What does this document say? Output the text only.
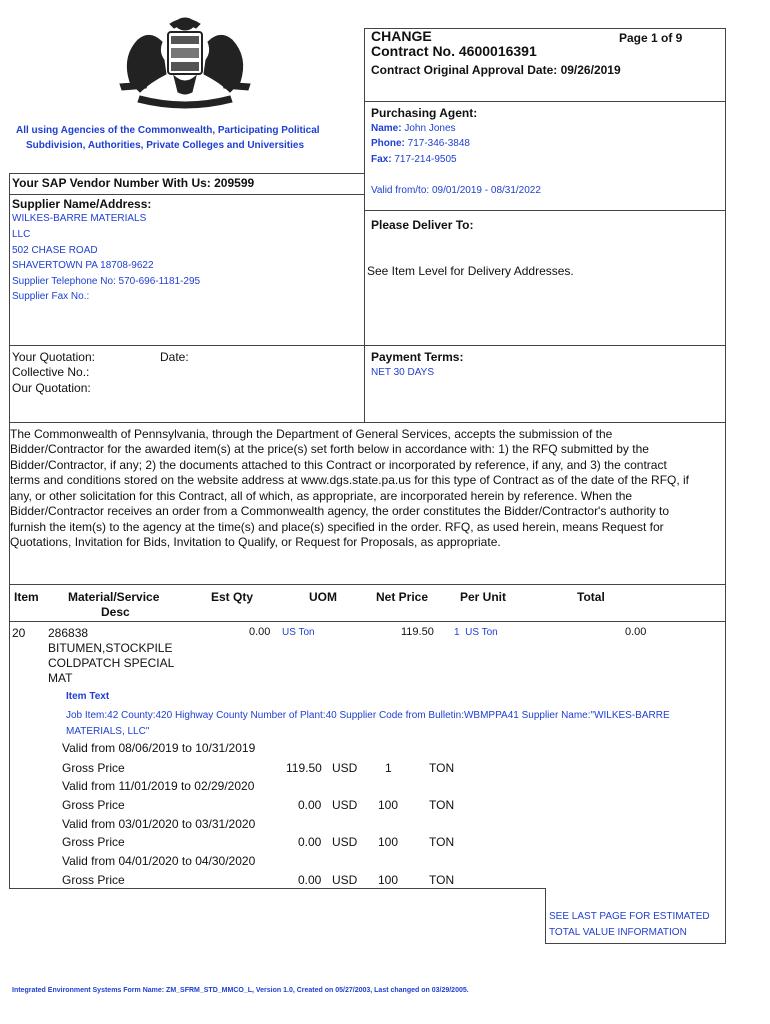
CHANGE
Contract No. 4600016391
Page 1 of 9
Contract Original Approval Date: 09/26/2019
All using Agencies of the Commonwealth, Participating Political
Subdivision, Authorities, Private Colleges and Universities
Purchasing Agent:
Name: John Jones
Phone: 717-346-3848
Fax: 717-214-9505
Valid from/to: 09/01/2019 - 08/31/2022
Your SAP Vendor Number With Us: 209599
Supplier Name/Address:
WILKES-BARRE MATERIALS
LLC
502 CHASE ROAD
SHAVERTOWN PA 18708-9622
Supplier Telephone No: 570-696-1181-295
Supplier Fax No.:
Please Deliver To:
See Item Level for Delivery Addresses.
Your Quotation:	Date:
Collective No.:
Our Quotation:
Payment Terms:
NET 30 DAYS
The Commonwealth of Pennsylvania, through the Department of General Services, accepts the submission of the
Bidder/Contractor for the awarded item(s) at the price(s) set forth below in accordance with: 1) the RFQ submitted by the
Bidder/Contractor, if any; 2) the documents attached to this Contract or incorporated by reference, if any, and 3) the contract
terms and conditions stored on the website address at www.dgs.state.pa.us for this type of Contract as of the date of the RFQ, if
any, or other solicitation for this Contract, all of which, as appropriate, are incorporated herein by reference. When the
Bidder/Contractor receives an order from a Commonwealth agency, the order constitutes the Bidder/Contractor's authority to
furnish the item(s) to the agency at the time(s) and place(s) specified in the order. RFQ, as used herein, means Request for
Quotations, Invitation for Bids, Invitation to Qualify, or Request for Proposals, as appropriate.
Item Material/Service
Desc
Est Qty	UOM	Net Price	Per Unit	Total
20 286838
BITUMEN,STOCKPILE
COLDPATCH SPECIAL
MAT
0.00 US Ton	119.50 1 US Ton	0.00
Item Text
Job Item:42 County:420 Highway County Number of Plant:40 Supplier Code from Bulletin:WBMPPA41 Supplier Name:"WILKES-BARRE
MATERIALS, LLC"
Valid from 08/06/2019 to 10/31/2019
Gross Price	119.50 USD 1	TON
Valid from 11/01/2019 to 02/29/2020
Gross Price	0.00 USD 100	TON
Valid from 03/01/2020 to 03/31/2020
Gross Price	0.00 USD 100	TON
Valid from 04/01/2020 to 04/30/2020
Gross Price	0.00 USD 100	TON
SEE LAST PAGE FOR ESTIMATED
TOTAL VALUE INFORMATION
Integrated Environment Systems Form Name: ZM_SFRM_STD_MMCO_L, Version 1.0, Created on 05/27/2003, Last changed on 03/29/2005.
